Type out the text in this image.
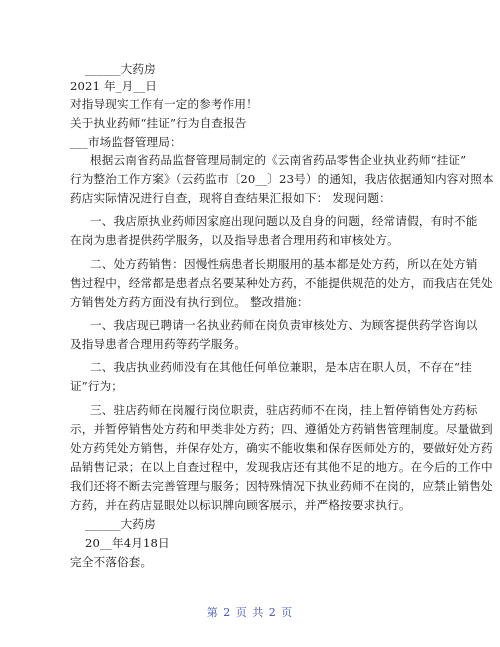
______大药房
2021 年_月__日
对指导现实工作有一定的参考作用！
关于执业药师“挂证”行为自查报告
___市场监督管理局：
根据云南省药品监督管理局制定的《云南省药品零售企业执业药师“挂证”
行为整治工作方案》（云药监市〔20__〕23号）的通知，我店依据通知内容对照本
药店实际情况进行自查，现将自查结果汇报如下： 发现问题：
一、我店原执业药师因家庭出现问题以及自身的问题，经常请假，有时不能
在岗为患者提供药学服务，以及指导患者合理用药和审核处方。
二、处方药销售：因慢性病患者长期服用的基本都是处方药，所以在处方销
售过程中，经常都是患者点名要某种处方药，不能提供规范的处方，而我店在凭处
方销售处方药方面没有执行到位。 整改措施：
一、我店现已聘请一名执业药师在岗负责审核处方、为顾客提供药学咨询以
及指导患者合理用药等药学服务。
二、我店执业药师没有在其他任何单位兼职，是本店在职人员，不存在“挂
证”行为；
三、驻店药师在岗履行岗位职责，驻店药师不在岗，挂上暂停销售处方药标
示，并暂停销售处方药和甲类非处方药；四、遵循处方药销售管理制度。尽量做到
处方药凭处方销售，并保存处方，确实不能收集和保存医师处方的，要做好处方药
品销售记录；在以上自查过程中，发现我店还有其他不足的地方。在今后的工作中
我们还将不断去完善管理与服务；因特殊情况下执业药师不在岗的，应禁止销售处
方药，并在药店显眼处以标识牌向顾客展示，并严格按要求执行。
______大药房
20__年4月18日
完全不落俗套。
第 2 页 共 2 页
